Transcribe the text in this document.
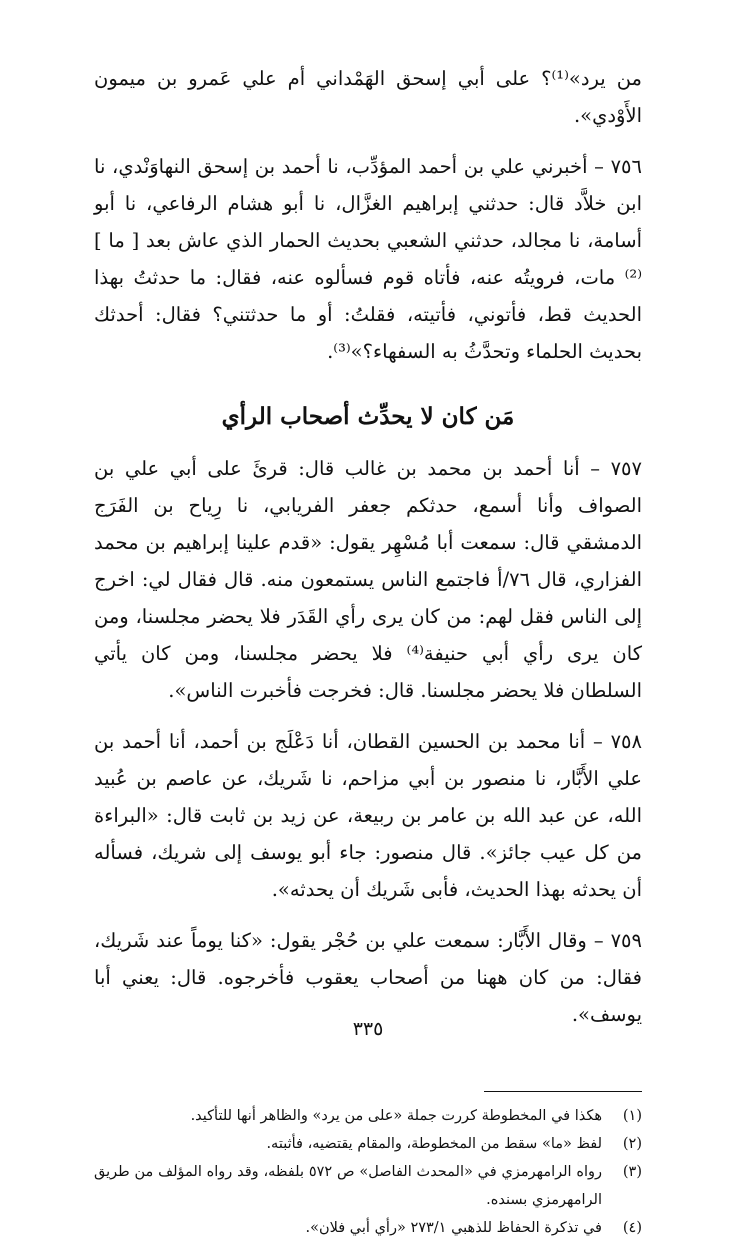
من يرد»⁽¹⁾؟ على أبي إسحق الهَمْداني أم علي عَمرو بن ميمون الأَوْدي».

٧٥٦ – أخبرني علي بن أحمد المؤدِّب، نا أحمد بن إسحق النهاوَنْدي، نا ابن خلاَّد قال: حدثني إبراهيم الغزَّال، نا أبو هشام الرفاعي، نا أبو أسامة، نا مجالد، حدثني الشعبي بحديث الحمار الذي عاش بعد [ ما ]⁽²⁾ مات، فرويتُه عنه، فأتاه قوم فسألوه عنه، فقال: ما حدثتُ بهذا الحديث قط، فأتوني، فأتيته، فقلتُ: أو ما حدثتني؟ فقال: أحدثك بحديث الحلماء وتحدَّثُ به السفهاء؟»⁽³⁾.

مَن كان لا يحدِّث أصحاب الرأي

٧٥٧ – أنا أحمد بن محمد بن غالب قال: قرئَ على أبي علي بن الصواف وأنا أسمع، حدثكم جعفر الفريابي، نا رِياح بن الفَرَج الدمشقي قال: سمعت أبا مُسْهِر يقول: «قدم علينا إبراهيم بن محمد الفزاري، قال ٧٦/أ فاجتمع الناس يستمعون منه. قال فقال لي: اخرج إلى الناس فقل لهم: من كان يرى رأي القَدَر فلا يحضر مجلسنا، ومن كان يرى رأي أبي حنيفة⁽⁴⁾ فلا يحضر مجلسنا، ومن كان يأتي السلطان فلا يحضر مجلسنا. قال: فخرجت فأخبرت الناس».

٧٥٨ – أنا محمد بن الحسين القطان، أنا دَعْلَج بن أحمد، أنا أحمد بن علي الأَبَّار، نا منصور بن أبي مزاحم، نا شَريك، عن عاصم بن عُبيد الله، عن عبد الله بن عامر بن ربيعة، عن زيد بن ثابت قال: «البراءة من كل عيب جائز». قال منصور: جاء أبو يوسف إلى شريك، فسأله أن يحدثه بهذا الحديث، فأبى شَريك أن يحدثه».

٧٥٩ – وقال الأَبَّار: سمعت علي بن حُجْر يقول: «كنا يوماً عند شَريك، فقال: من كان ههنا من أصحاب يعقوب فأخرجوه. قال: يعني أبا يوسف».

(١)
هكذا في المخطوطة كررت جملة «على من يرد» والظاهر أنها للتأكيد.
(٢)
لفظ «ما» سقط من المخطوطة، والمقام يقتضيه، فأثبته.
(٣)
رواه الرامهرمزي في «المحدث الفاصل» ص ٥٧٢ بلفظه، وقد رواه المؤلف من طريق الرامهرمزي بسنده.
(٤)
في تذكرة الحفاظ للذهبي ٢٧٣/١ «رأي أبي فلان».
٣٣٥
